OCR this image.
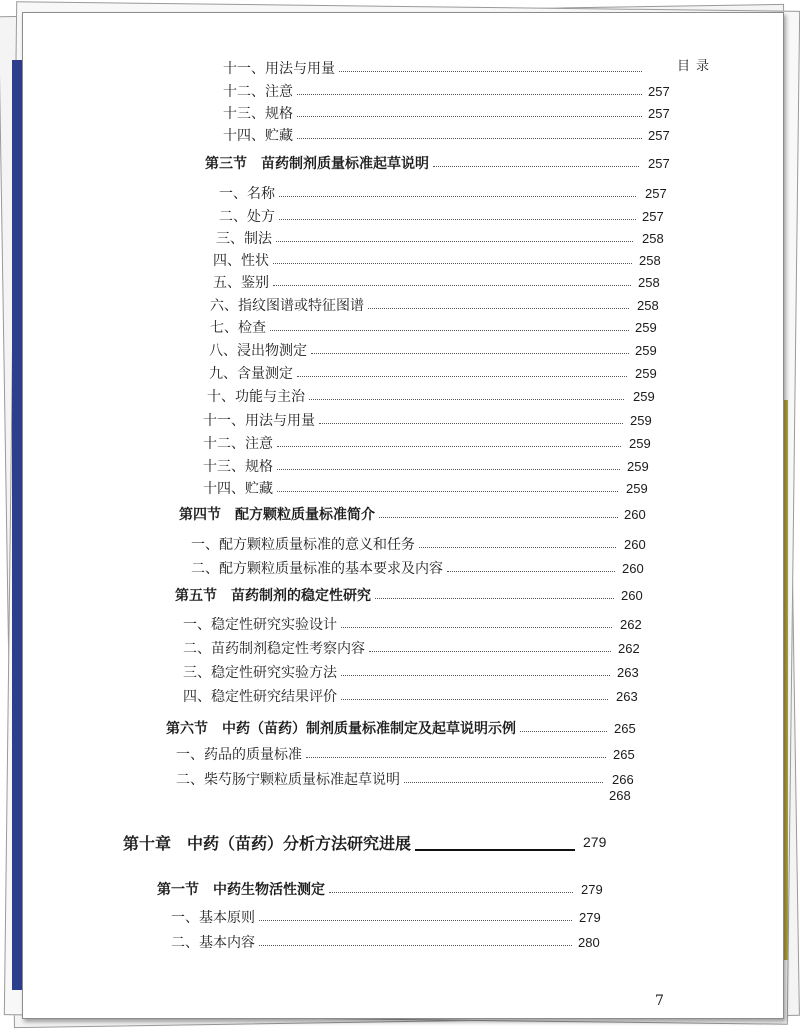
目录
十一、用法与用量
十二、注意	257
十三、规格	257
十四、贮藏	257
第三节　苗药制剂质量标准起草说明	257
一、名称	257
二、处方	257
三、制法	258
四、性状	258
五、鉴别	258
六、指纹图谱或特征图谱	258
七、检查	259
八、浸出物测定	259
九、含量测定	259
十、功能与主治	259
十一、用法与用量	259
十二、注意	259
十三、规格	259
十四、贮藏	259
第四节　配方颗粒质量标准简介	260
一、配方颗粒质量标准的意义和任务	260
二、配方颗粒质量标准的基本要求及内容	260
第五节　苗药制剂的稳定性研究	260
一、稳定性研究实验设计	262
二、苗药制剂稳定性考察内容	262
三、稳定性研究实验方法	263
四、稳定性研究结果评价	263
第六节　中药（苗药）制剂质量标准制定及起草说明示例	265
一、药品的质量标准	265
二、柴芍肠宁颗粒质量标准起草说明	266
268
第十章　中药（苗药）分析方法研究进展	279
第一节　中药生物活性测定	279
一、基本原则	279
二、基本内容	280
7
